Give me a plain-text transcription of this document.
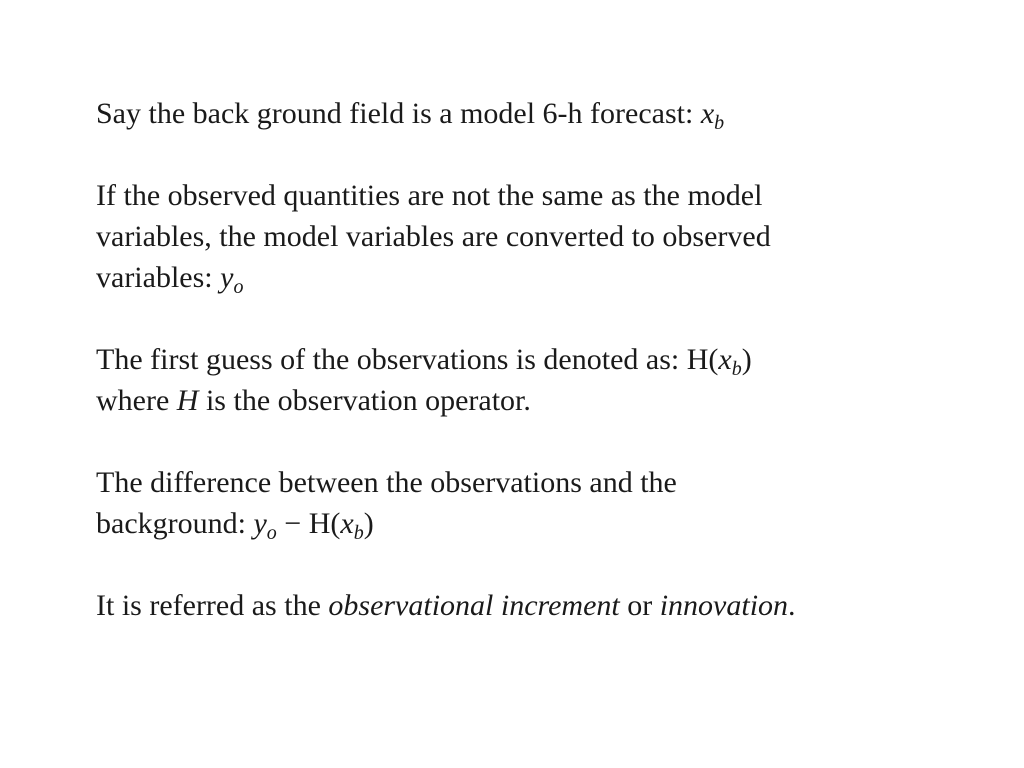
Say the back ground field is a model 6-h forecast: $x_b$

If the observed quantities are not the same as the model
variables, the model variables are converted to observed
variables: $y_o$

The first guess of the observations is denoted as: $H(x_b)$
where H is the observation operator.

The difference between the observations and the
background: $y_o - H(x_b)$

It is referred as the observational increment or innovation.
